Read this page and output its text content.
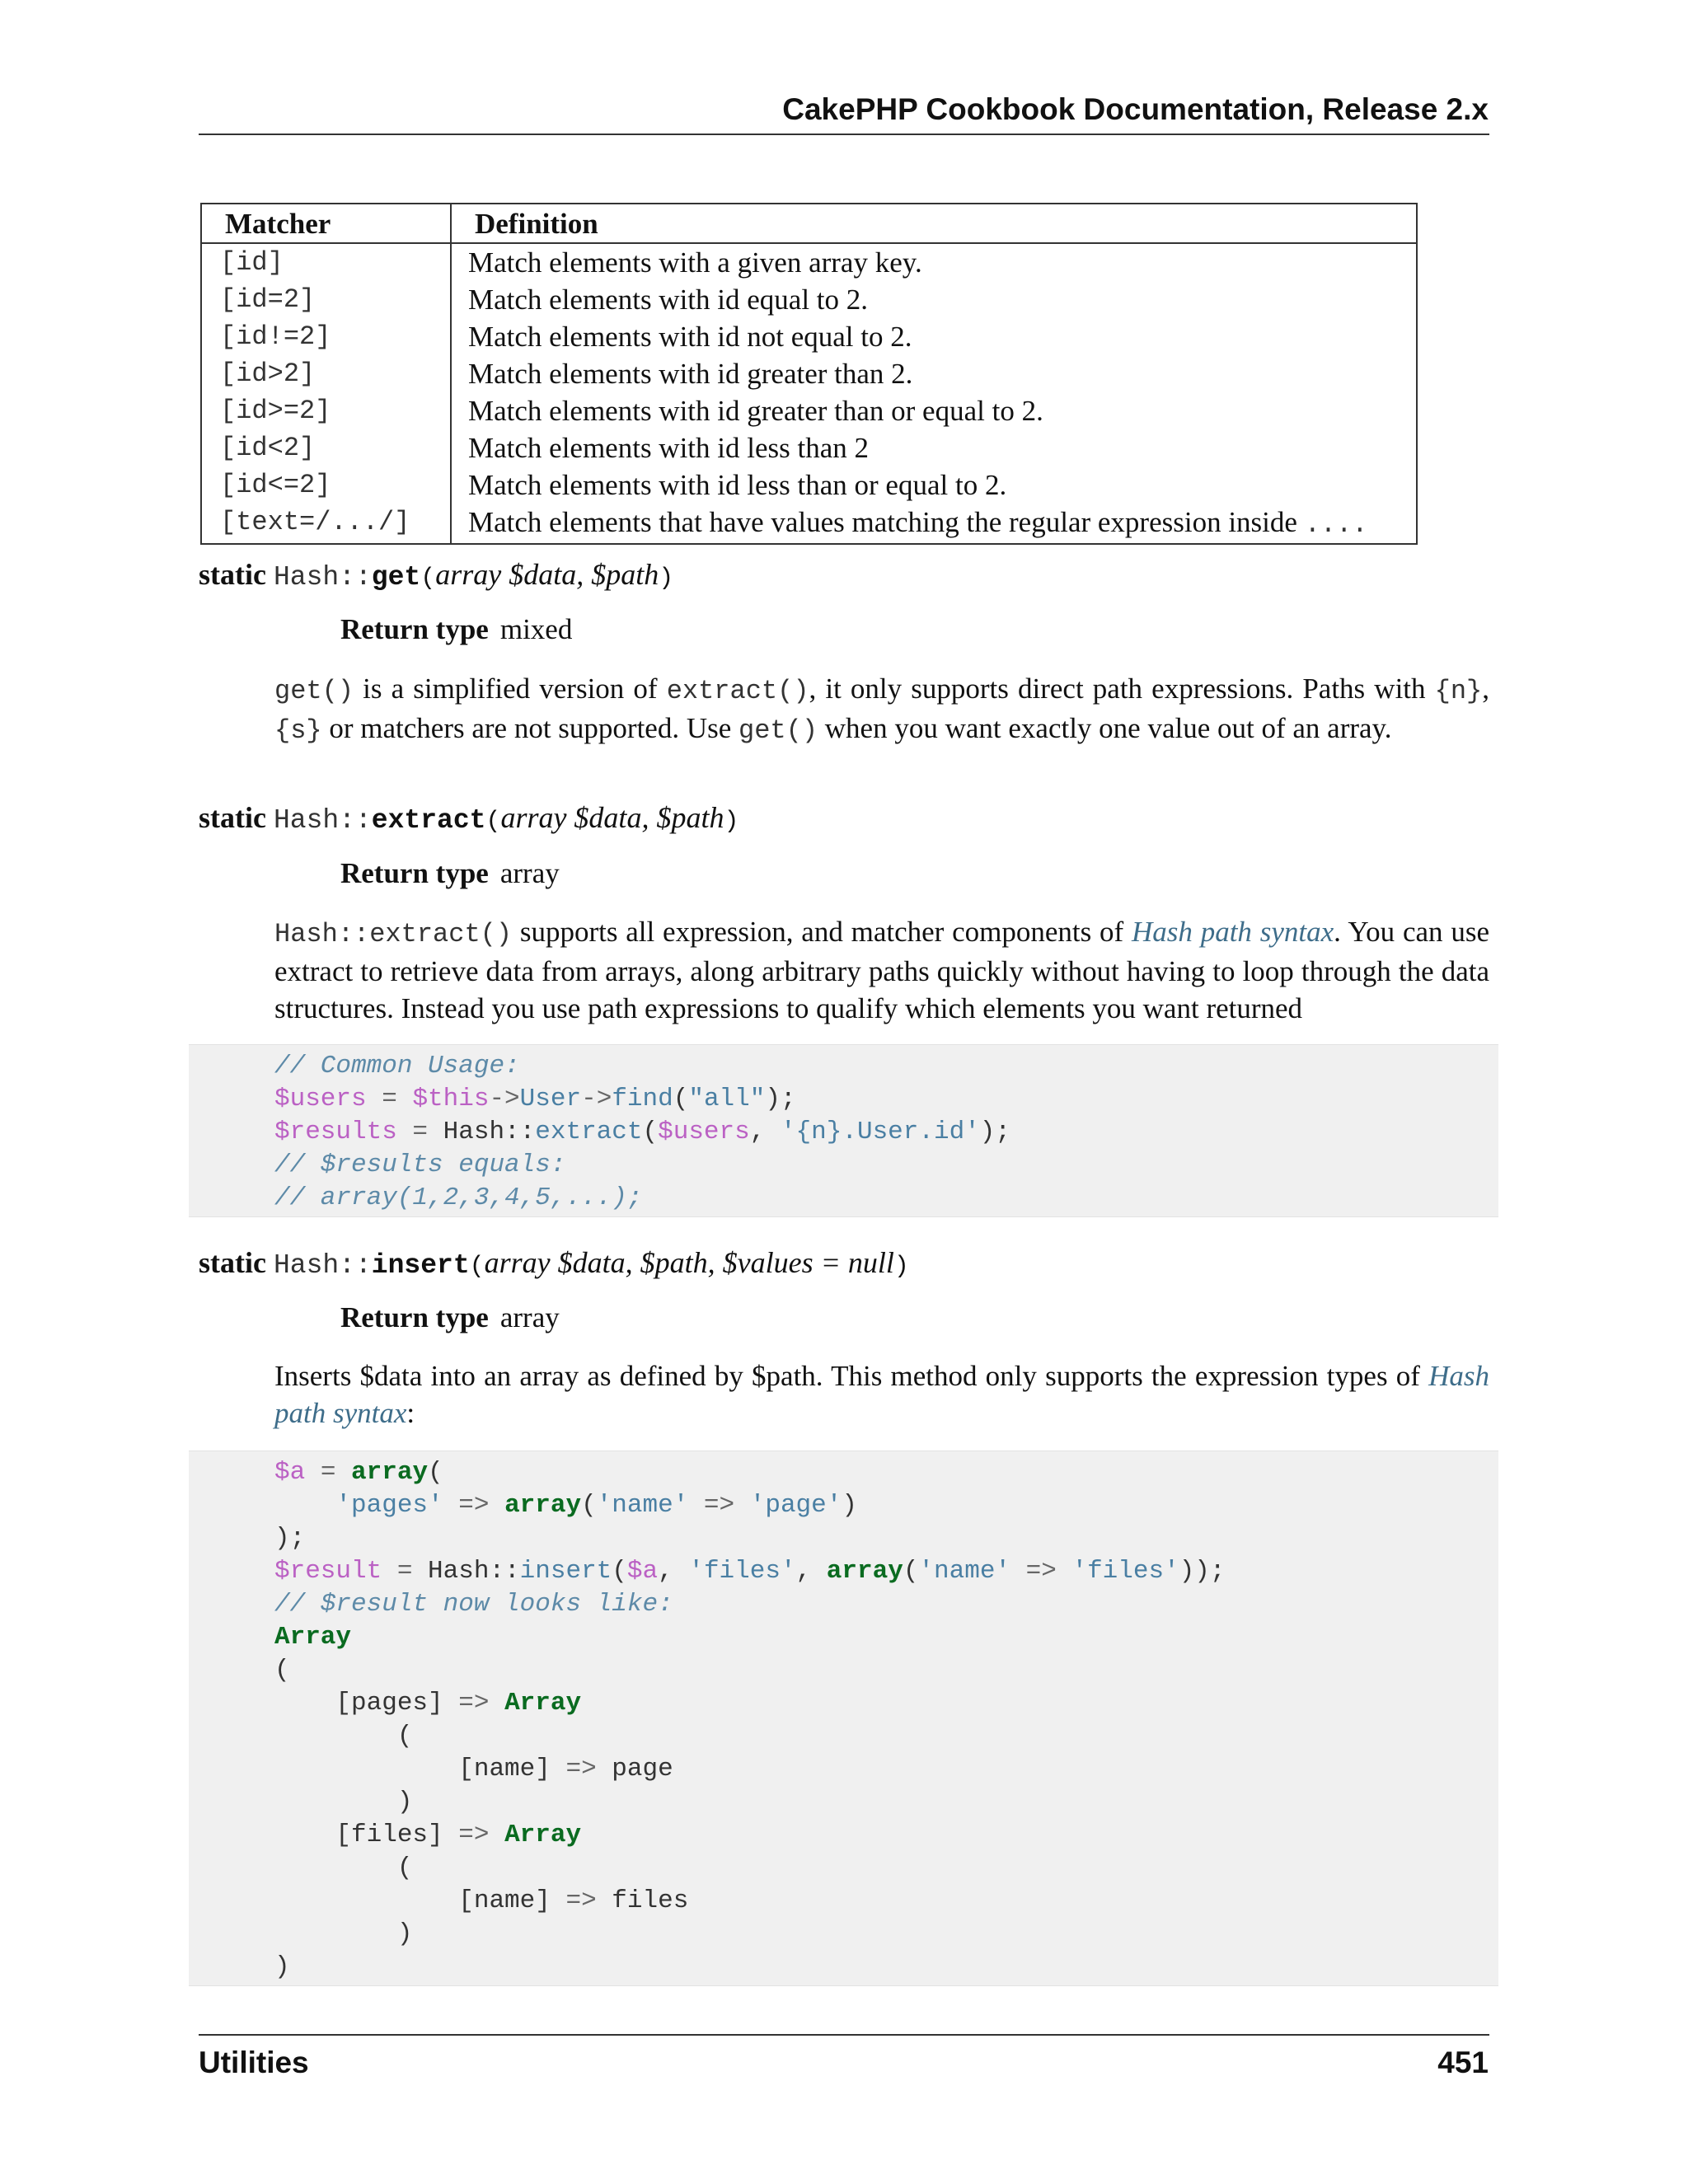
CakePHP Cookbook Documentation, Release 2.x
Matcher	Definition
[id]	Match elements with a given array key.
[id=2]	Match elements with id equal to 2.
[id!=2]	Match elements with id not equal to 2.
[id>2]	Match elements with id greater than 2.
[id>=2]	Match elements with id greater than or equal to 2.
[id<2]	Match elements with id less than 2
[id<=2]	Match elements with id less than or equal to 2.
[text=/.../]	Match elements that have values matching the regular expression inside ....
static Hash::get(array $data, $path)
Return type mixed
get() is a simplified version of extract(), it only supports direct path expressions. Paths with {n}, {s} or matchers are not supported. Use get() when you want exactly one value out of an array.
static Hash::extract(array $data, $path)
Return type array
Hash::extract() supports all expression, and matcher components of Hash path syntax. You can use extract to retrieve data from arrays, along arbitrary paths quickly without having to loop through the data structures. Instead you use path expressions to qualify which elements you want returned
// Common Usage:
$users = $this->User->find("all");
$results = Hash::extract($users, '{n}.User.id');
// $results equals:
// array(1,2,3,4,5,...);
static Hash::insert(array $data, $path, $values = null)
Return type array
Inserts $data into an array as defined by $path. This method only supports the expression types of Hash path syntax:
$a = array(
'pages' => array('name' => 'page')
);
$result = Hash::insert($a, 'files', array('name' => 'files'));
// $result now looks like:
Array
(
[pages] => Array
(
[name] => page
)
[files] => Array
(
[name] => files
)
)
Utilities	451
